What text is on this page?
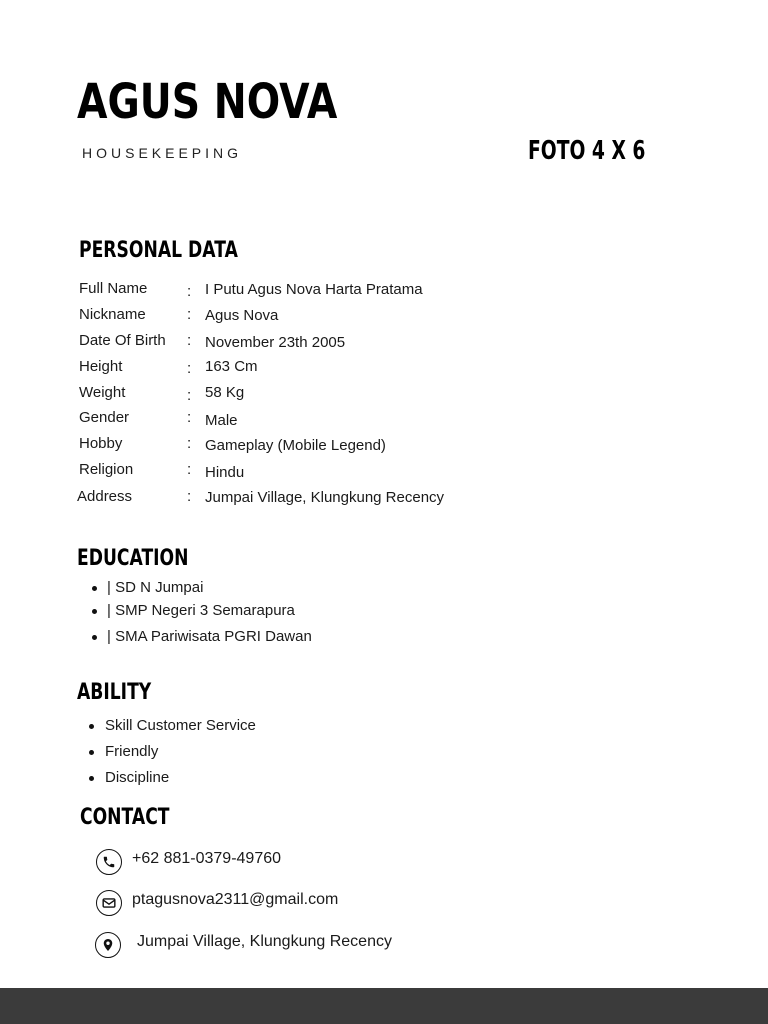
AGUS NOVA
HOUSEKEEPING	FOTO 4 X 6
PERSONAL DATA
Full Name	: I Putu Agus Nova Harta Pratama
Nickname	: Agus Nova
Date Of Birth : November 23th 2005
Height	: 163 Cm
Weight	: 58 Kg
Gender	: Male
Hobby	: Gameplay (Mobile Legend)
Religion	: Hindu
Address	: Jumpai Village, Klungkung Recency
EDUCATION
| SD N Jumpai
| SMP Negeri 3 Semarapura
| SMA Pariwisata PGRI Dawan
ABILITY
Skill Customer Service
Friendly
Discipline
CONTACT
+62 881-0379-49760
ptagusnova2311@gmail.com
Jumpai Village, Klungkung Recency
